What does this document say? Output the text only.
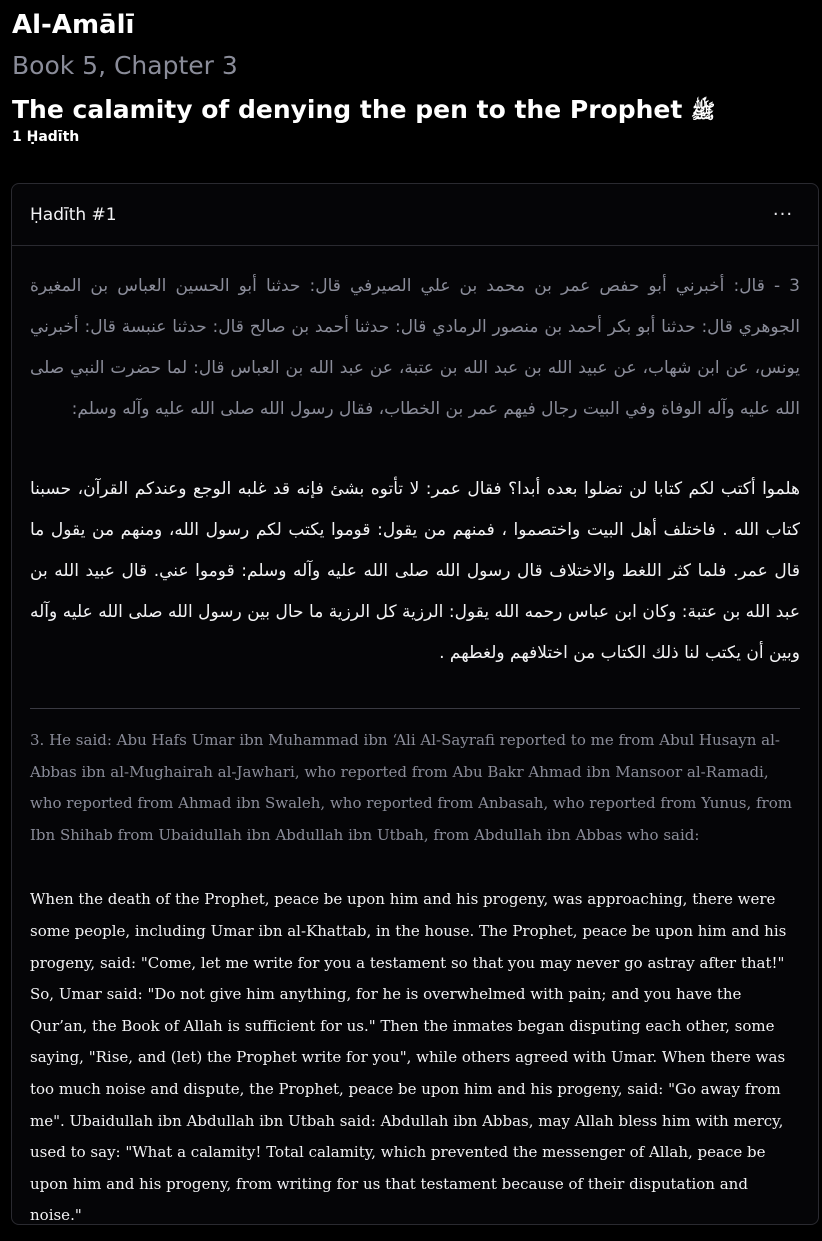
Al-Amālī
Book 5, Chapter 3
The calamity of denying the pen to the Prophet ﷺ
1 Ḥadīth
Ḥadīth #1	···

3 - قال: أخبرني أبو حفص عمر بن محمد بن علي الصيرفي قال: حدثنا أبو الحسين العباس بن المغيرة الجوهري قال: حدثنا أبو بكر أحمد بن منصور الرمادي قال: حدثنا أحمد بن صالح قال: حدثنا عنبسة قال: أخبرني يونس، عن ابن شهاب، عن عبيد الله بن عبد الله بن عتبة، عن عبد الله بن العباس قال: لما حضرت النبي صلى الله عليه وآله الوفاة وفي البيت رجال فيهم عمر بن الخطاب، فقال رسول الله صلى الله عليه وآله وسلم:

هلموا أكتب لكم كتابا لن تضلوا بعده أبدا؟ فقال عمر: لا تأتوه بشئ فإنه قد غلبه الوجع وعندكم القرآن، حسبنا كتاب الله . فاختلف أهل البيت واختصموا ، فمنهم من يقول: قوموا يكتب لكم رسول الله، ومنهم من يقول ما قال عمر. فلما كثر اللغط والاختلاف قال رسول الله صلى الله عليه وآله وسلم: قوموا عني. قال عبيد الله بن عبد الله بن عتبة: وكان ابن عباس رحمه الله يقول: الرزية كل الرزية ما حال بين رسول الله صلى الله عليه وآله وبين أن يكتب لنا ذلك الكتاب من اختلافهم ولغطهم .

3. He said: Abu Hafs Umar ibn Muhammad ibn ‘Ali Al-Sayrafi reported to me from Abul Husayn al-Abbas ibn al-Mughairah al-Jawhari, who reported from Abu Bakr Ahmad ibn Mansoor al-Ramadi, who reported from Ahmad ibn Swaleh, who reported from Anbasah, who reported from Yunus, from Ibn Shihab from Ubaidullah ibn Abdullah ibn Utbah, from Abdullah ibn Abbas who said:

When the death of the Prophet, peace be upon him and his progeny, was approaching, there were some people, including Umar ibn al-Khattab, in the house. The Prophet, peace be upon him and his progeny, said: "Come, let me write for you a testament so that you may never go astray after that!" So, Umar said: "Do not give him anything, for he is overwhelmed with pain; and you have the Qur’an, the Book of Allah is sufficient for us." Then the inmates began disputing each other, some saying, "Rise, and (let) the Prophet write for you", while others agreed with Umar. When there was too much noise and dispute, the Prophet, peace be upon him and his progeny, said: "Go away from me". Ubaidullah ibn Abdullah ibn Utbah said: Abdullah ibn Abbas, may Allah bless him with mercy, used to say: "What a calamity! Total calamity, which prevented the messenger of Allah, peace be upon him and his progeny, from writing for us that testament because of their disputation and noise."
